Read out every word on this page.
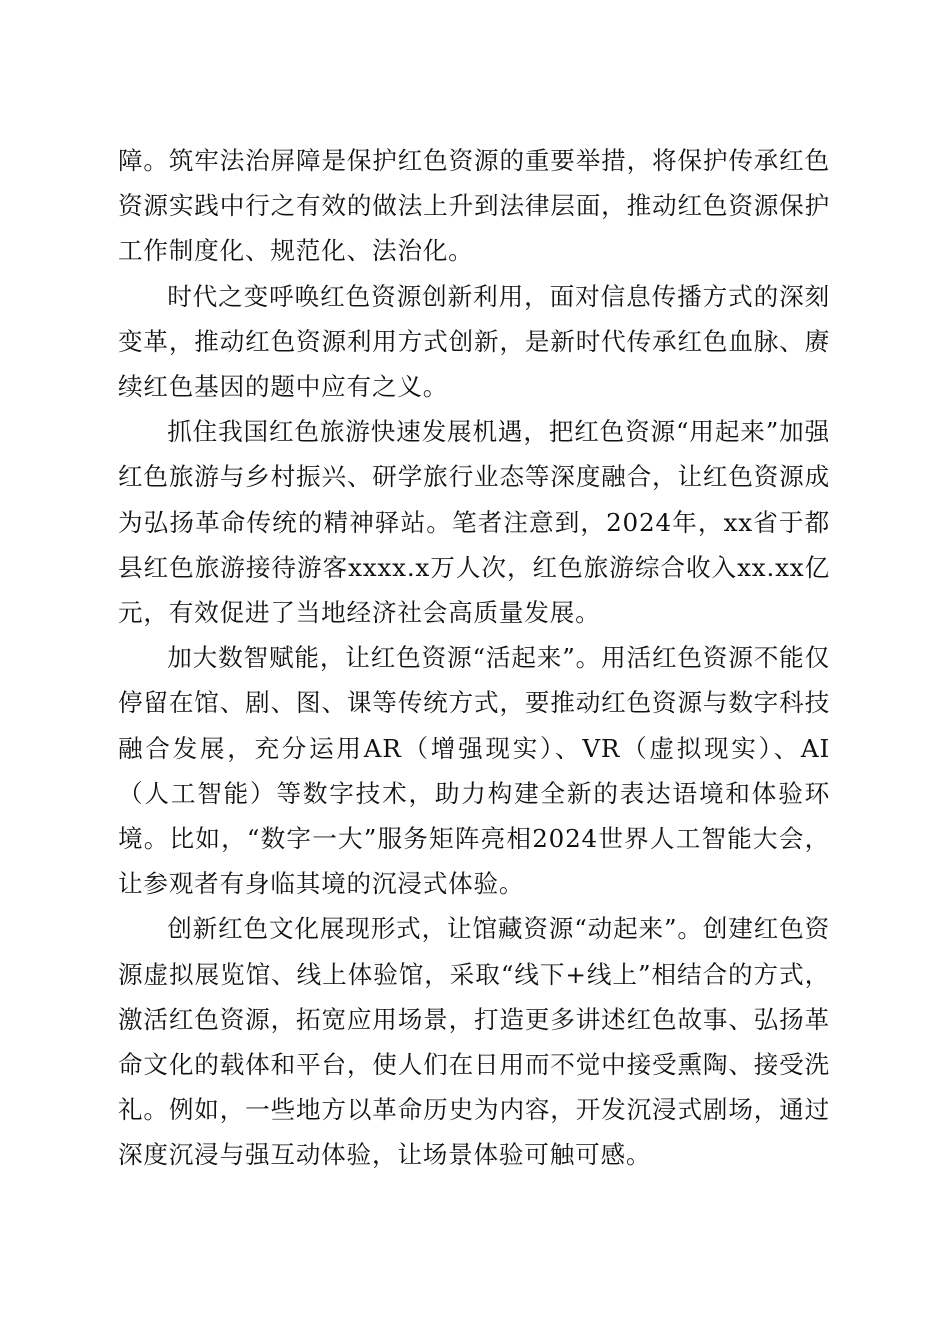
障。筑牢法治屏障是保护红色资源的重要举措，将保护传承红色资源实践中行之有效的做法上升到法律层面，推动红色资源保护工作制度化、规范化、法治化。

时代之变呼唤红色资源创新利用，面对信息传播方式的深刻变革，推动红色资源利用方式创新，是新时代传承红色血脉、赓续红色基因的题中应有之义。

抓住我国红色旅游快速发展机遇，把红色资源“用起来”加强红色旅游与乡村振兴、研学旅行业态等深度融合，让红色资源成为弘扬革命传统的精神驿站。笔者注意到，2024年，xx省于都县红色旅游接待游客xxxx.x万人次，红色旅游综合收入xx.xx亿元，有效促进了当地经济社会高质量发展。

加大数智赋能，让红色资源“活起来”。用活红色资源不能仅停留在馆、剧、图、课等传统方式，要推动红色资源与数字科技融合发展，充分运用AR（增强现实）、VR（虚拟现实）、AI（人工智能）等数字技术，助力构建全新的表达语境和体验环境。比如，“数字一大”服务矩阵亮相2024世界人工智能大会，让参观者有身临其境的沉浸式体验。

创新红色文化展现形式，让馆藏资源“动起来”。创建红色资源虚拟展览馆、线上体验馆，采取“线下+线上”相结合的方式，激活红色资源，拓宽应用场景，打造更多讲述红色故事、弘扬革命文化的载体和平台，使人们在日用而不觉中接受熏陶、接受洗礼。例如，一些地方以革命历史为内容，开发沉浸式剧场，通过深度沉浸与强互动体验，让场景体验可触可感。
